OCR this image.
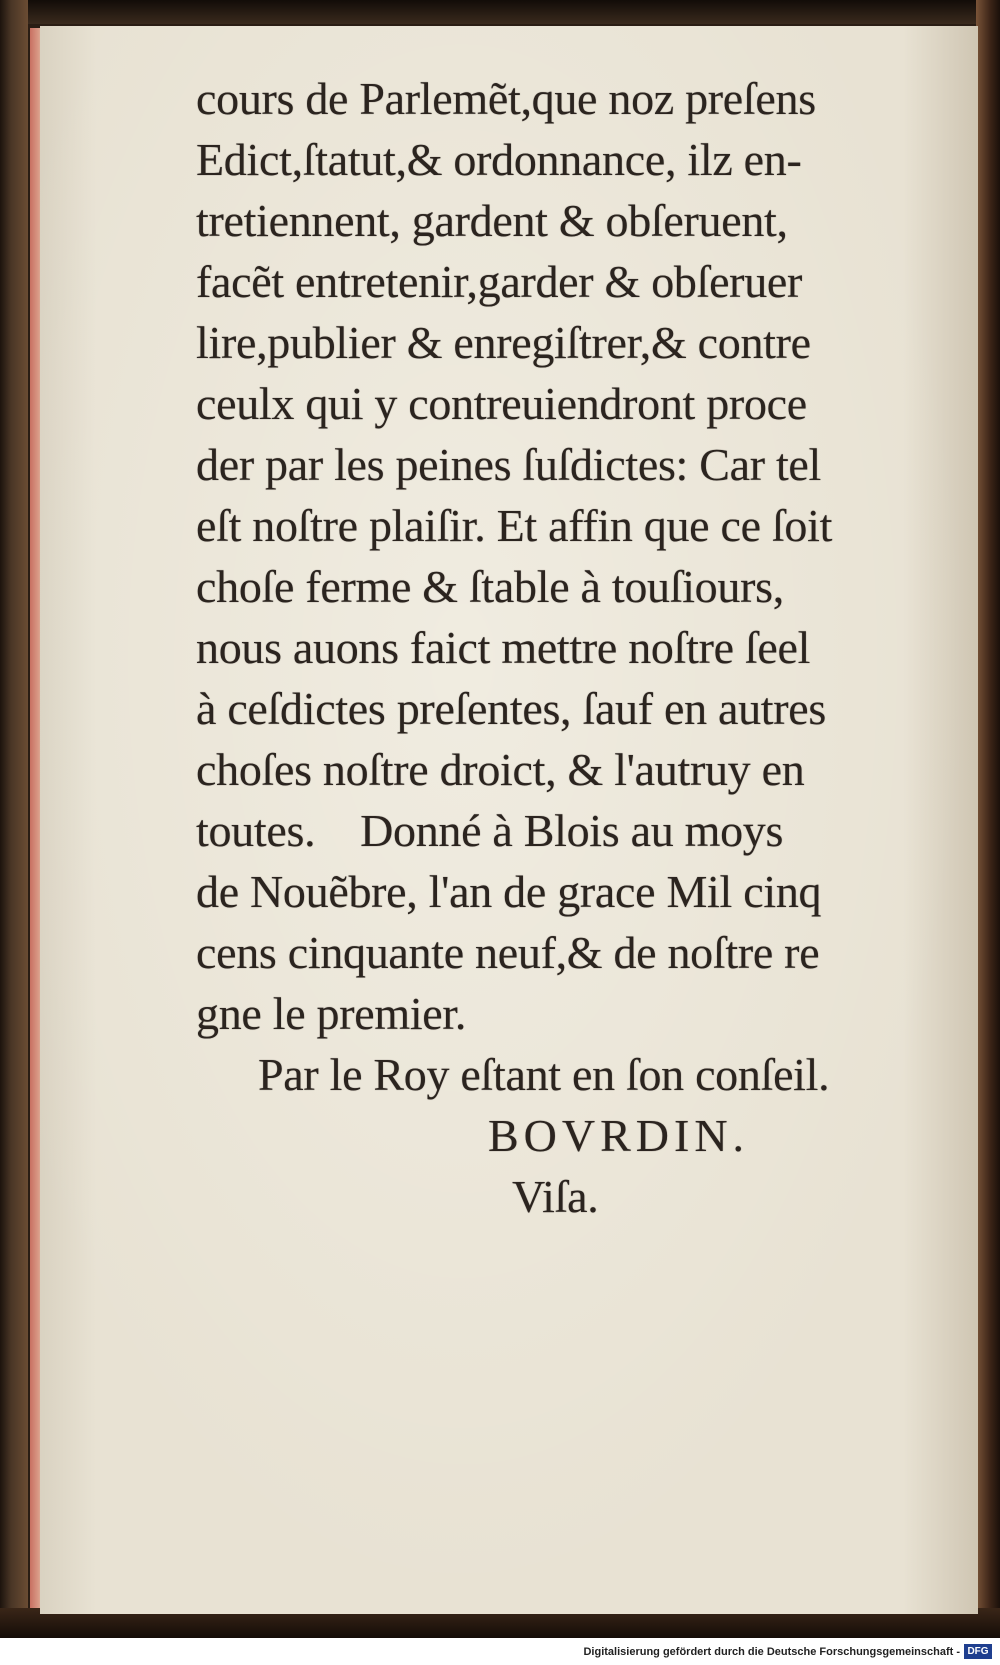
cours de Parlemẽt,que noz preſens
Edict,ſtatut,& ordonnance, ilz en-
tretiennent, gardent & obſeruent,
facẽt entretenir,garder & obſeruer
lire,publier & enregiſtrer,& contre
ceulx qui y contreuiendront proce
der par les peines ſuſdictes: Car tel
eſt noſtre plaiſir. Et affin que ce ſoit
choſe ferme & ſtable à touſiours,
nous auons faict mettre noſtre ſeel
à ceſdictes preſentes, ſauf en autres
choſes noſtre droict, & l'autruy en
toutes.    Donné à Blois au moys
de Nouẽbre, l'an de grace Mil cinq
cens cinquante neuf,& de noſtre re
gne le premier.
Par le Roy eſtant en ſon conſeil.
BOVRDIN.
Viſa.
Digitalisierung gefördert durch die Deutsche Forschungsgemeinschaft - DFG
